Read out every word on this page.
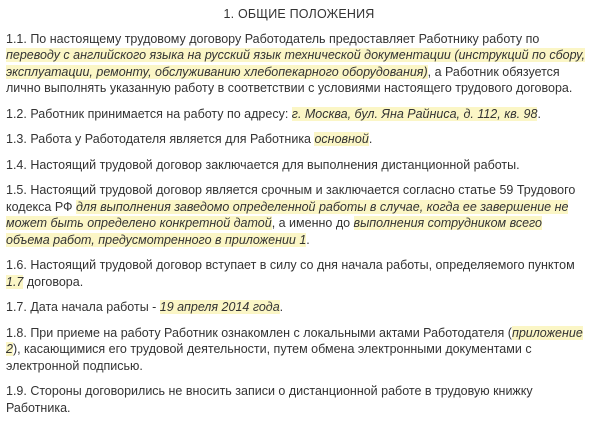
1. ОБЩИЕ ПОЛОЖЕНИЯ

1.1. По настоящему трудовому договору Работодатель предоставляет Работнику работу по переводу с английского языка на русский язык технической документации (инструкций по сбору, эксплуатации, ремонту, обслуживанию хлебопекарного оборудования), а Работник обязуется лично выполнять указанную работу в соответствии с условиями настоящего трудового договора.

1.2. Работник принимается на работу по адресу: г. Москва, бул. Яна Райниса, д. 112, кв. 98.

1.3. Работа у Работодателя является для Работника основной.

1.4. Настоящий трудовой договор заключается для выполнения дистанционной работы.

1.5. Настоящий трудовой договор является срочным и заключается согласно статье 59 Трудового кодекса РФ для выполнения заведомо определенной работы в случае, когда ее завершение не может быть определено конкретной датой, а именно до выполнения сотрудником всего объема работ, предусмотренного в приложении 1.

1.6. Настоящий трудовой договор вступает в силу со дня начала работы, определяемого пунктом 1.7 договора.

1.7. Дата начала работы - 19 апреля 2014 года.

1.8. При приеме на работу Работник ознакомлен с локальными актами Работодателя (приложение 2), касающимися его трудовой деятельности, путем обмена электронными документами с электронной подписью.

1.9. Стороны договорились не вносить записи о дистанционной работе в трудовую книжку Работника.
